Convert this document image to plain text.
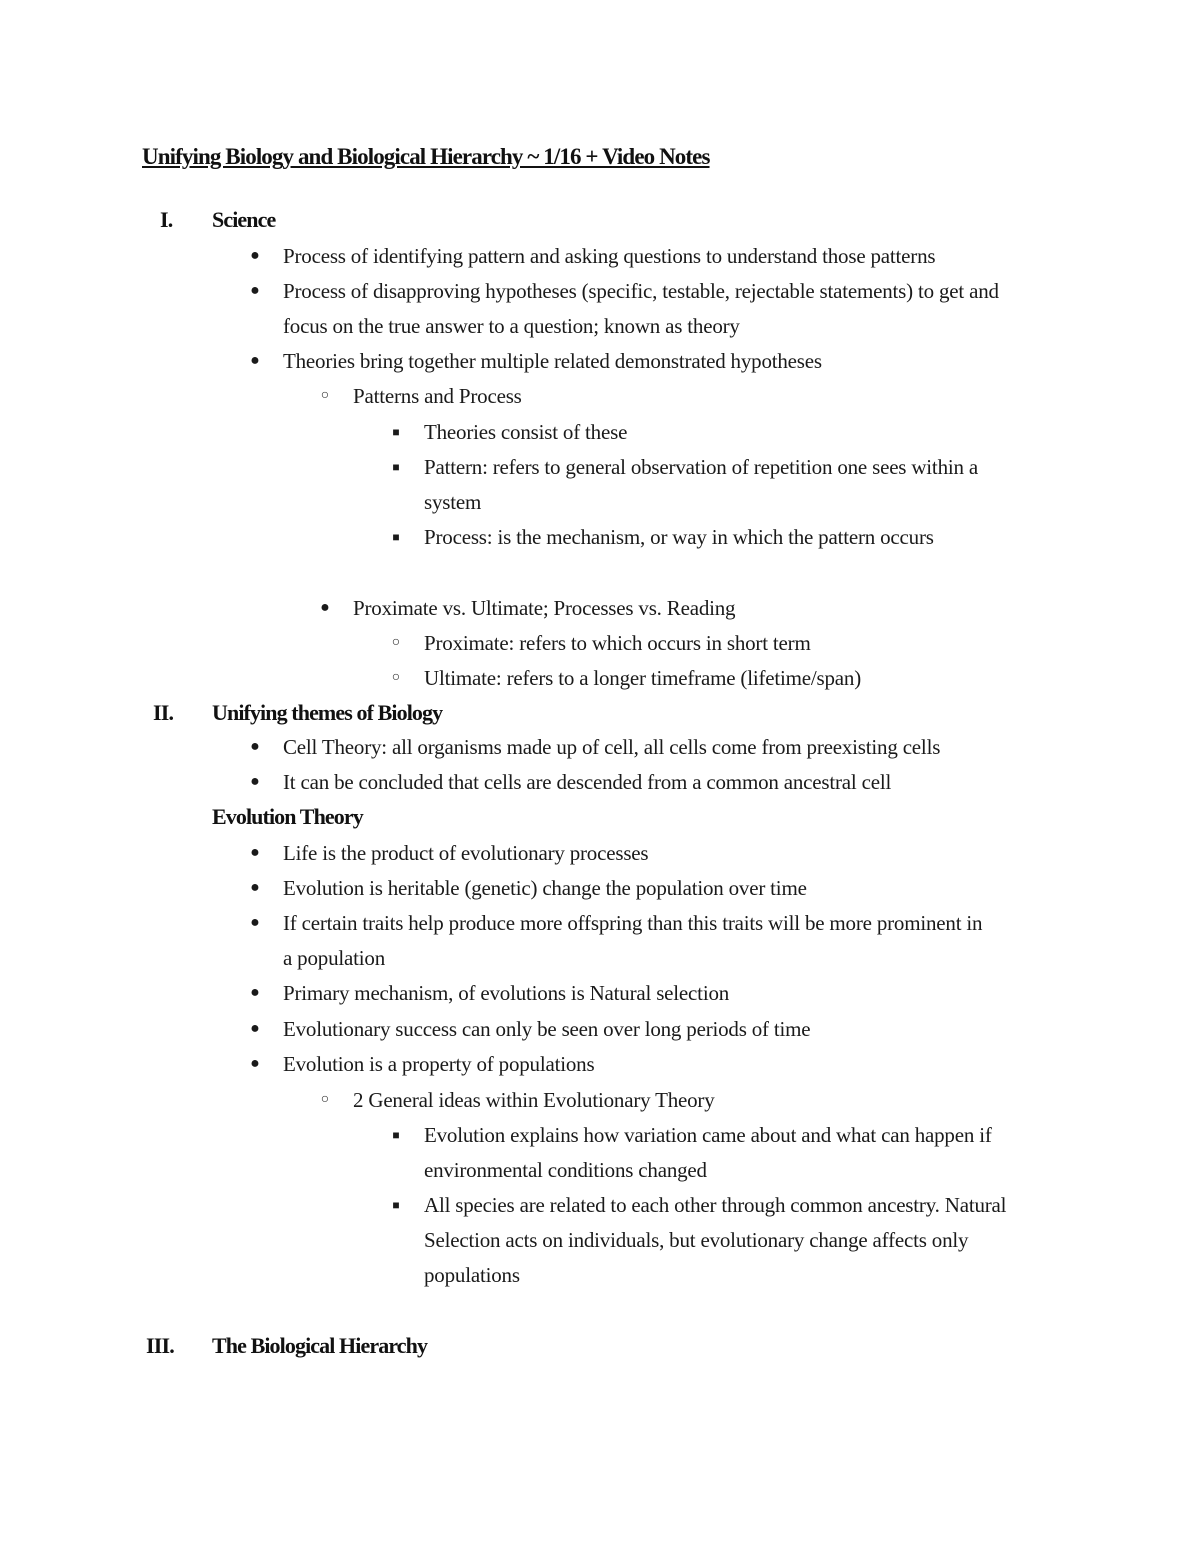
Unifying Biology and Biological Hierarchy ~ 1/16 + Video Notes
I. Science
● Process of identifying pattern and asking questions to understand those patterns
● Process of disapproving hypotheses (specific, testable, rejectable statements) to get and
focus on the true answer to a question; known as theory
● Theories bring together multiple related demonstrated hypotheses
○ Patterns and Process
■	Theories consist of these
■	Pattern: refers to general observation of repetition one sees within a
system
■	Process: is the mechanism, or way in which the pattern occurs
● Proximate vs. Ultimate; Processes vs. Reading
○ Proximate: refers to which occurs in short term
○ Ultimate: refers to a longer timeframe (lifetime/span)
II. Unifying themes of Biology
● Cell Theory: all organisms made up of cell, all cells come from preexisting cells
● It can be concluded that cells are descended from a common ancestral cell
Evolution Theory
● Life is the product of evolutionary processes
● Evolution is heritable (genetic) change the population over time
● If certain traits help produce more offspring than this traits will be more prominent in
a population
● Primary mechanism, of evolutions is Natural selection
● Evolutionary success can only be seen over long periods of time
● Evolution is a property of populations
○ 2 General ideas within Evolutionary Theory
■	Evolution explains how variation came about and what can happen if
environmental conditions changed
■	All species are related to each other through common ancestry. Natural
Selection acts on individuals, but evolutionary change affects only
populations
III. The Biological Hierarchy
